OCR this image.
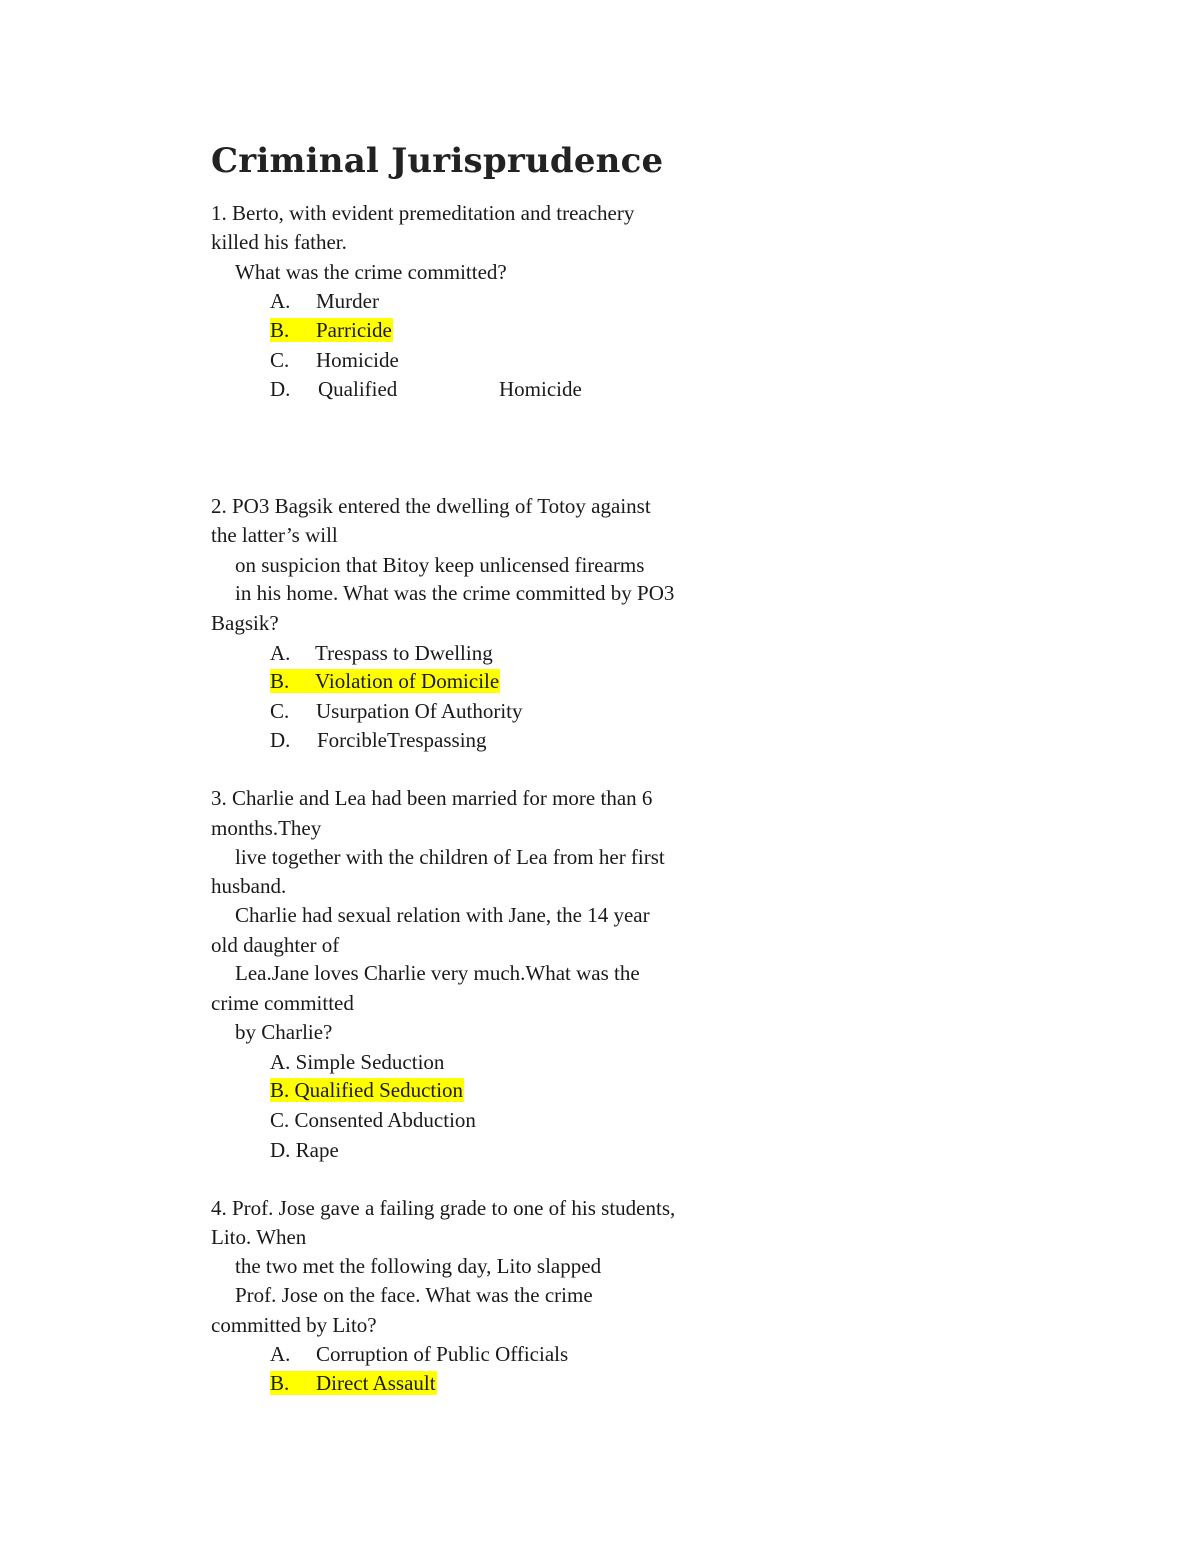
Criminal Jurisprudence

1. Berto, with evident premeditation and treachery

killed his father.

What was the crime committed?

A. Murder

B. Parricide

C. Homicide

D. Qualified	Homicide

2. PO3 Bagsik entered the dwelling of Totoy against

the latter’s will

on suspicion that Bitoy keep unlicensed firearms

in his home. What was the crime committed by PO3

Bagsik?

A. Trespass to Dwelling

B. Violation of Domicile

C. Usurpation Of Authority

D. ForcibleTrespassing

3. Charlie and Lea had been married for more than 6

months.They

live together with the children of Lea from her first

husband.

Charlie had sexual relation with Jane, the 14 year

old daughter of

Lea.Jane loves Charlie very much.What was the

crime committed

by Charlie?

A. Simple Seduction

B. Qualified Seduction

C. Consented Abduction

D. Rape

4. Prof. Jose gave a failing grade to one of his students,

Lito. When

the two met the following day, Lito slapped

Prof. Jose on the face. What was the crime

committed by Lito?

A. Corruption of Public Officials

B. Direct Assault
